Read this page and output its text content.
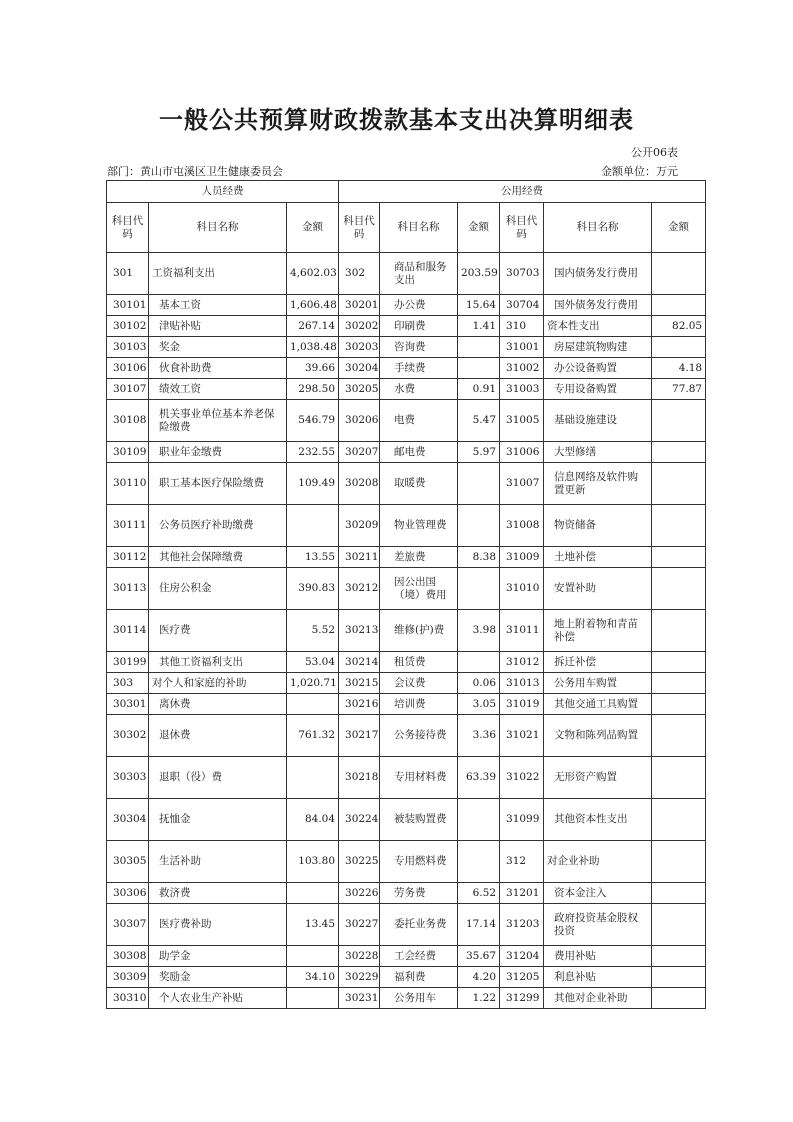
一般公共预算财政拨款基本支出决算明细表
公开06表
部门：黄山市屯溪区卫生健康委员会	金额单位：万元
人员经费			公用经费					
科目代码	科目名称	金额	科目代码	科目名称	金额	科目代码	科目名称	金额
301	工资福利支出	4,602.03	302	商品和服务支出	203.59	30703	国内债务发行费用	
30101	基本工资	1,606.48	30201	办公费	15.64	30704	国外债务发行费用	
30102	津贴补贴	267.14	30202	印刷费	1.41	310	资本性支出	82.05
30103	奖金	1,038.48	30203	咨询费		31001	房屋建筑物购建	
30106	伙食补助费	39.66	30204	手续费		31002	办公设备购置	4.18
30107	绩效工资	298.50	30205	水费	0.91	31003	专用设备购置	77.87
30108	机关事业单位基本养老保险缴费	546.79	30206	电费	5.47	31005	基础设施建设	
30109	职业年金缴费	232.55	30207	邮电费	5.97	31006	大型修缮	
30110	职工基本医疗保险缴费	109.49	30208	取暖费		31007	信息网络及软件购置更新	
30111	公务员医疗补助缴费		30209	物业管理费		31008	物资储备	
30112	其他社会保障缴费	13.55	30211	差旅费	8.38	31009	土地补偿	
30113	住房公积金	390.83	30212	因公出国（境）费用		31010	安置补助	
30114	医疗费	5.52	30213	维修(护)费	3.98	31011	地上附着物和青苗补偿	
30199	其他工资福利支出	53.04	30214	租赁费		31012	拆迁补偿	
303	对个人和家庭的补助	1,020.71	30215	会议费	0.06	31013	公务用车购置	
30301	离休费		30216	培训费	3.05	31019	其他交通工具购置	
30302	退休费	761.32	30217	公务接待费	3.36	31021	文物和陈列品购置	
30303	退职（役）费		30218	专用材料费	63.39	31022	无形资产购置	
30304	抚恤金	84.04	30224	被装购置费		31099	其他资本性支出	
30305	生活补助	103.80	30225	专用燃料费		312	对企业补助	
30306	救济费		30226	劳务费	6.52	31201	资本金注入	
30307	医疗费补助	13.45	30227	委托业务费	17.14	31203	政府投资基金股权投资	
30308	助学金		30228	工会经费	35.67	31204	费用补贴	
30309	奖励金	34.10	30229	福利费	4.20	31205	利息补贴	
30310	个人农业生产补贴		30231	公务用车	1.22	31299	其他对企业补助	
